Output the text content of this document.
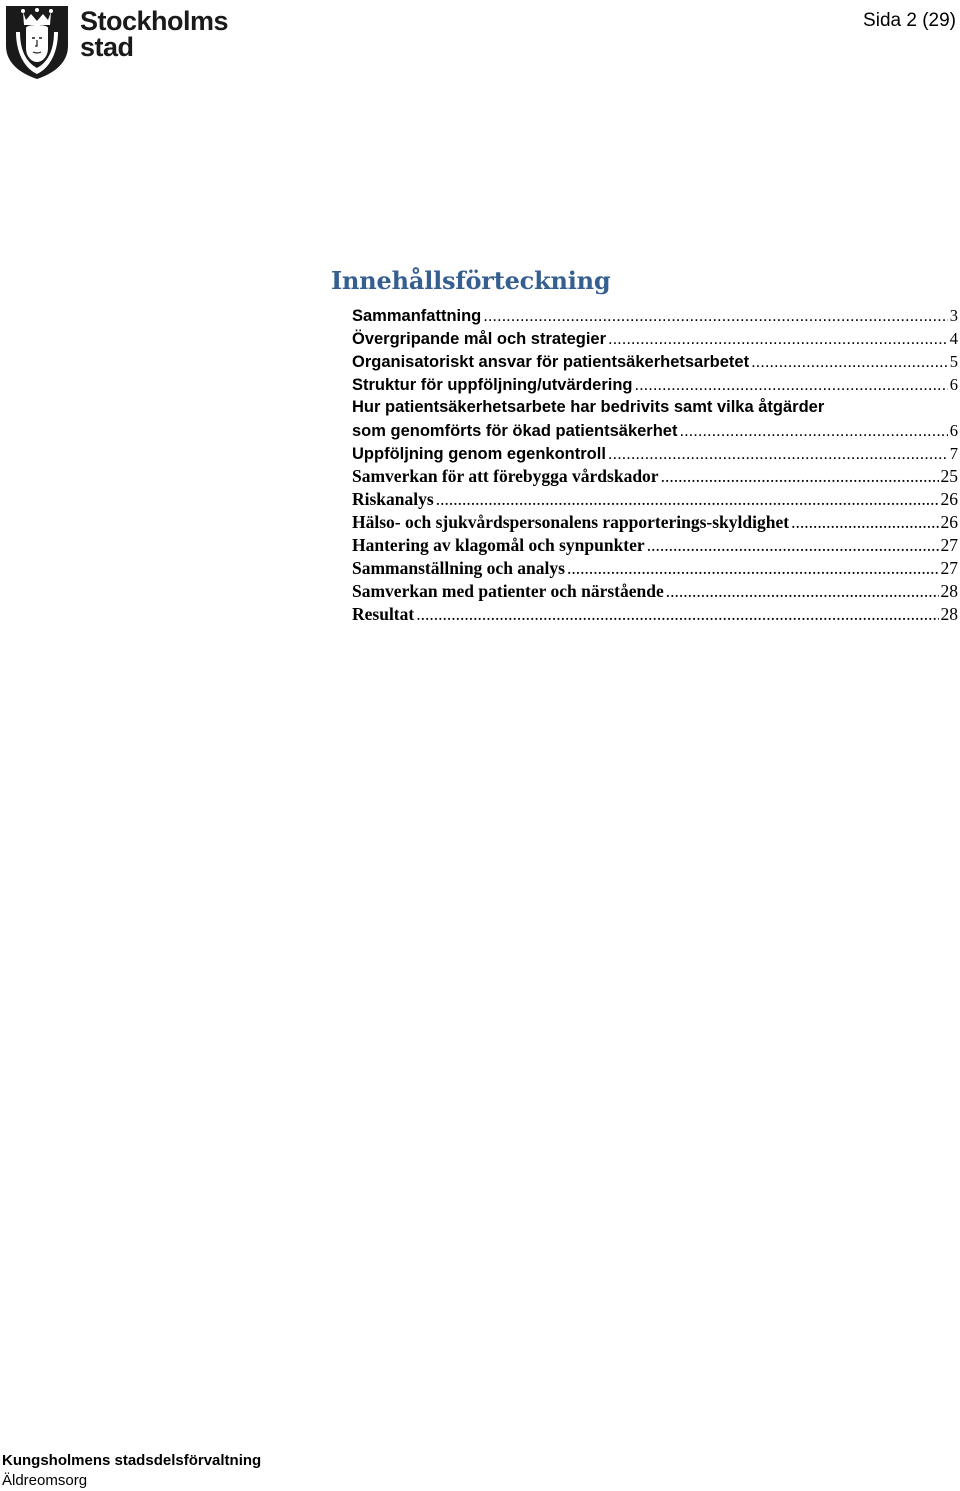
Stockholms
stad
Sida 2 (29)
Innehållsförteckning
Sammanfattning .....	3
Övergripande mål och strategier .....	4
Organisatoriskt ansvar för patientsäkerhetsarbetet .....	5
Struktur för uppföljning/utvärdering .....	6
Hur patientsäkerhetsarbete har bedrivits samt vilka åtgärder
som genomförts för ökad patientsäkerhet .....	6
Uppföljning genom egenkontroll .....	7
Samverkan för att förebygga vårdskador .....	25
Riskanalys .....	26
Hälso- och sjukvårdspersonalens rapporterings-skyldighet .....	26
Hantering av klagomål och synpunkter .....	27
Sammanställning och analys .....	27
Samverkan med patienter och närstående .....	28
Resultat .....	28
Kungsholmens stadsdelsförvaltning
Äldreomsorg
